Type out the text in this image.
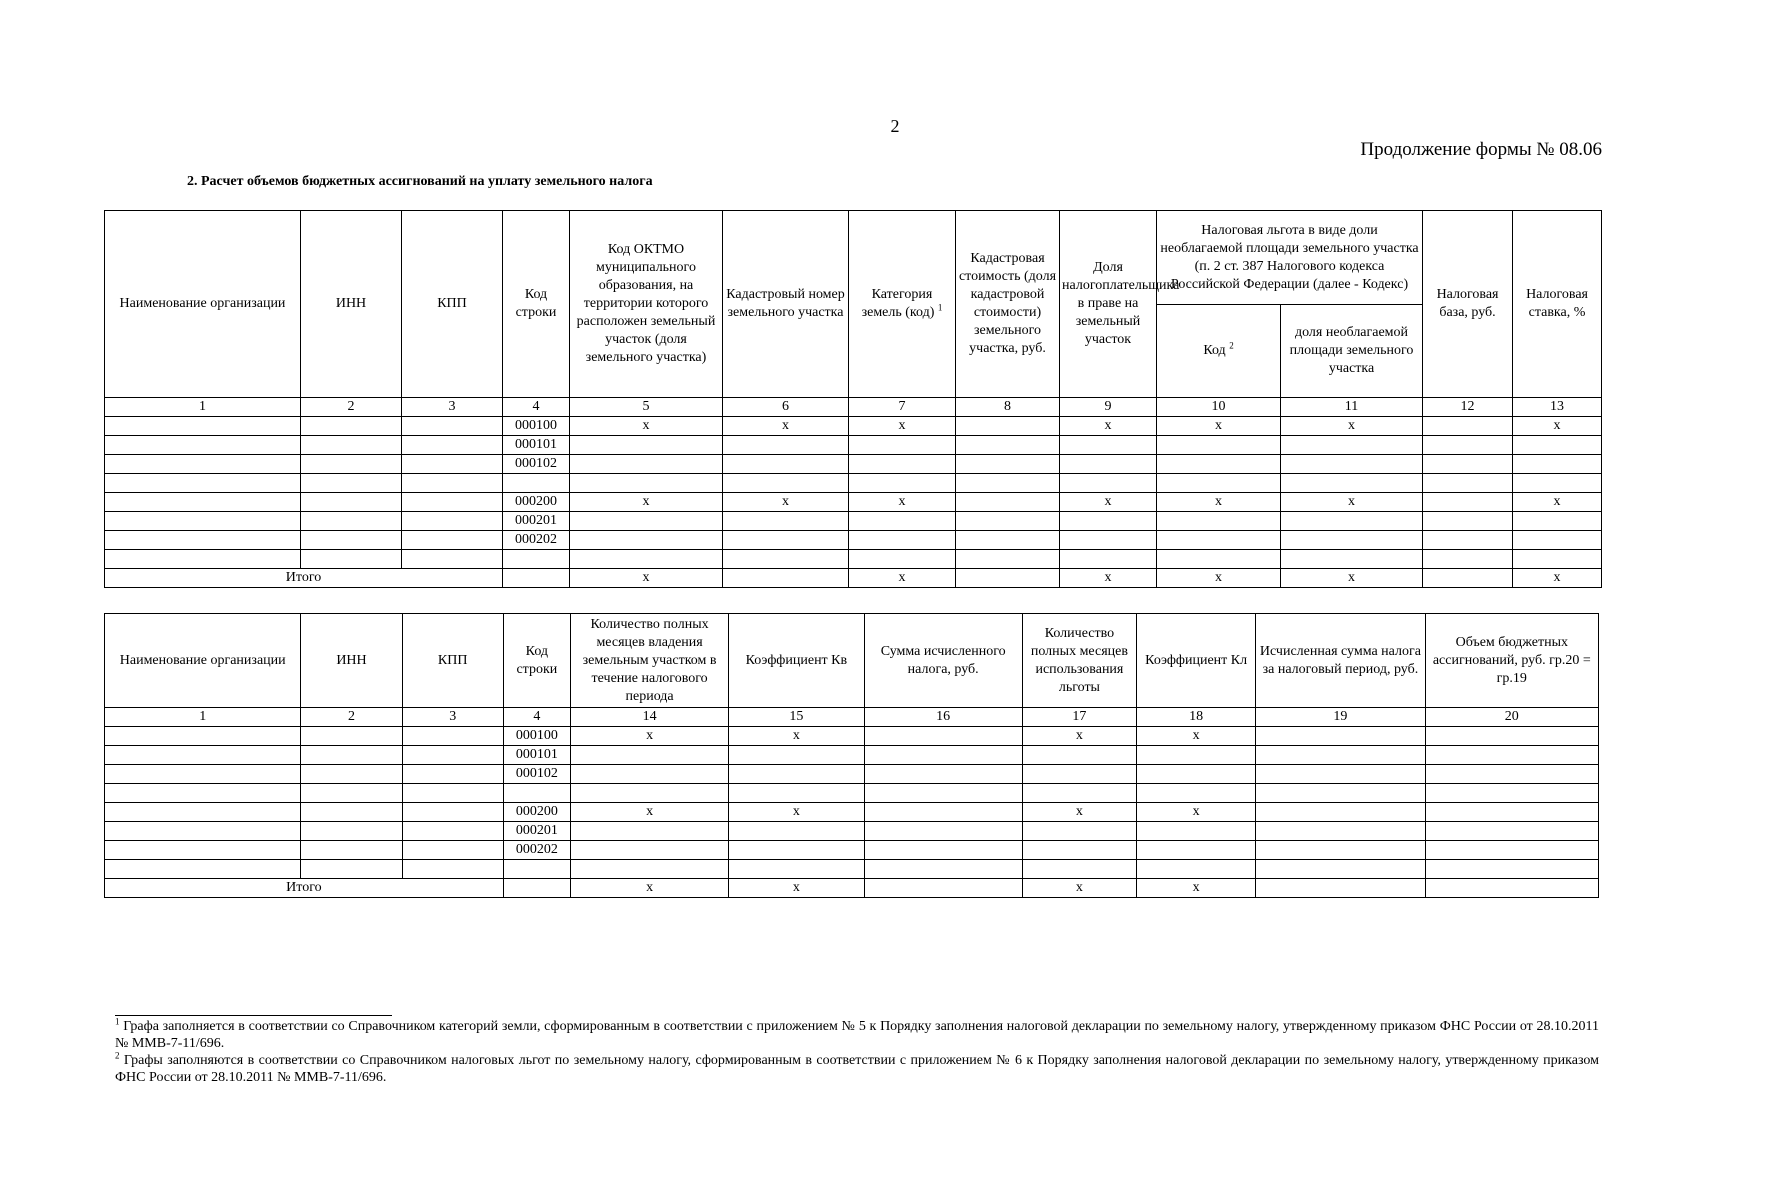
2
Продолжение формы № 08.06
2. Расчет объемов бюджетных ассигнований на уплату земельного налога
Наименование организации	ИНН	КПП	Код строки	Код ОКТМО муниципального образования, на территории которого расположен земельный участок (доля земельного участка)	Кадастровый номер земельного участка	Категория земель (код) $^1$	Кадастровая стоимость (доля кадастровой стоимости) земельного участка, руб.	Доля налогоплательщика в праве на земельный участок	Налоговая льгота в виде доли необлагаемой площади земельного участка (п. 2 ст. 387 Налогового кодекса Российской Федерации (далее - Кодекс)		Налоговая база, руб.	Налоговая ставка, %
									Код $^2$	доля необлагаемой площади земельного участка		
1	2	3	4	5	6	7	8	9	10	11	12	13
			000100	x	x	x		x	x	x		x
			000101									
			000102									

			000200	x	x	x		x	x	x		x
			000201									
			000202									

Итого				x		x		x	x	x		x
Наименование организации	ИНН	КПП	Код строки	Количество полных месяцев владения земельным участком в течение налогового периода	Коэффициент Кв	Сумма исчисленного налога, руб.	Количество полных месяцев использования льготы	Коэффициент Кл	Исчисленная сумма налога за налоговый период, руб.	Объем бюджетных ассигнований, руб. гр.20 = гр.19
1	2	3	4	14	15	16	17	18	19	20
			000100	x	x		x	x		
			000101							
			000102							

			000200	x	x		x	x		
			000201							
			000202							

Итого				x	x		x	x		

$^1$ Графа заполняется в соответствии со Справочником категорий земли, сформированным в соответствии с приложением № 5 к Порядку заполнения налоговой декларации по земельному налогу, утвержденному приказом ФНС России от 28.10.2011 № ММВ-7-11/696.

$^2$ Графы заполняются в соответствии со Справочником налоговых льгот по земельному налогу, сформированным в соответствии с приложением № 6 к Порядку заполнения налоговой декларации по земельному налогу, утвержденному приказом ФНС России от 28.10.2011 № ММВ-7-11/696.
